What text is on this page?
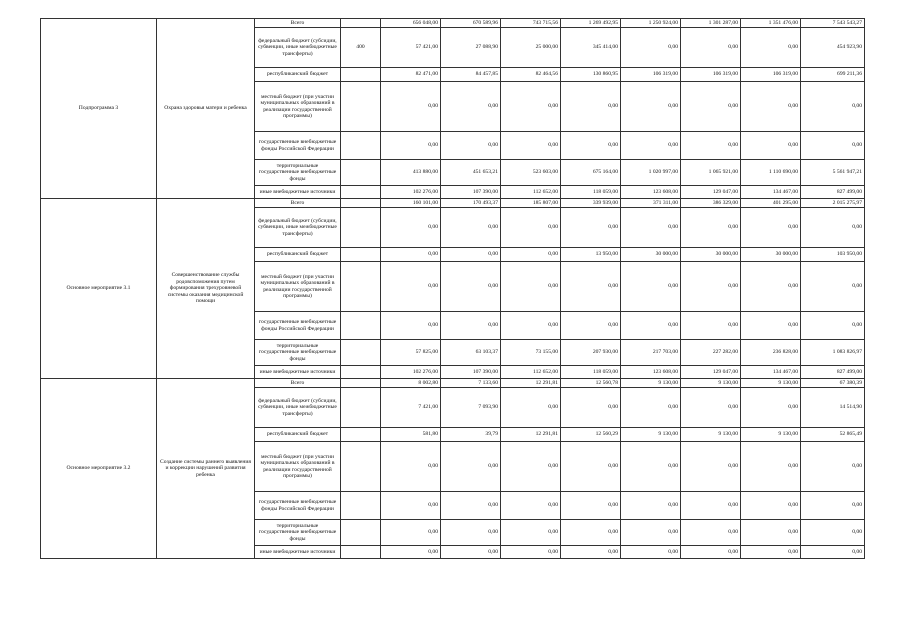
Подпрограмма 3	Охрана здоровья матери и ребенка	Всего		656 048,00	670 589,96	743 715,56	1 269 492,95	1 250 924,00	1 301 287,00	1 351 476,00	7 543 543,27
		федеральный бюджет (субсидии, субвенции, иные межбюджетные трансферты)	400	57 421,00	27 088,90	25 000,00	345 414,00	0,00	0,00	0,00	454 923,90
		республиканский бюджет		82 471,00	84 457,85	82 464,56	130 860,95	106 319,00	106 319,00	106 319,00	699 211,36
		местный бюджет (при участии муниципальных образований в реализации государственной программы)		0,00	0,00	0,00	0,00	0,00	0,00	0,00	0,00
		государственные внебюджетные фонды Российской Федерации		0,00	0,00	0,00	0,00	0,00	0,00	0,00	0,00
		территориальные государственные внебюджетные фонды		413 880,00	451 653,21	523 603,00	675 164,00	1 020 997,00	1 065 921,00	1 110 690,00	5 561 947,21
		иные внебюджетные источники		102 276,00	107 390,00	112 652,00	118 059,00	123 608,00	129 047,00	134 467,00	827 499,00
Основное мероприятие 3.1	Совершенствование службы родовспоможения путем формирования трехуровневой системы оказания медицинской помощи	Всего		160 101,00	170 493,37	185 807,00	339 939,00	371 311,00	386 329,00	401 295,00	2 015 275,97
		федеральный бюджет (субсидии, субвенции, иные межбюджетные трансферты)		0,00	0,00	0,00	0,00	0,00	0,00	0,00	0,00
		республиканский бюджет		0,00	0,00	0,00	13 950,00	30 000,00	30 000,00	30 000,00	103 950,00
		местный бюджет (при участии муниципальных образований в реализации государственной программы)		0,00	0,00	0,00	0,00	0,00	0,00	0,00	0,00
		государственные внебюджетные фонды Российской Федерации		0,00	0,00	0,00	0,00	0,00	0,00	0,00	0,00
		территориальные государственные внебюджетные фонды		57 825,00	63 103,37	73 155,00	207 930,00	217 703,00	227 282,00	236 828,00	1 083 826,97
		иные внебюджетные источники		102 276,00	107 390,00	112 652,00	118 059,00	123 608,00	129 047,00	134 467,00	827 499,00
Основное мероприятие 3.2	Создание системы раннего выявления и коррекции нарушений развития ребенка	Всего		8 002,80	7 133,60	12 291,81	12 560,78	9 130,00	9 130,00	9 130,00	67 380,39
		федеральный бюджет (субсидии, субвенции, иные межбюджетные трансферты)		7 421,00	7 093,90	0,00	0,00	0,00	0,00	0,00	14 514,90
		республиканский бюджет		581,80	39,79	12 291,81	12 560,29	9 130,00	9 130,00	9 130,00	52 865,49
		местный бюджет (при участии муниципальных образований в реализации государственной программы)		0,00	0,00	0,00	0,00	0,00	0,00	0,00	0,00
		государственные внебюджетные фонды Российской Федерации		0,00	0,00	0,00	0,00	0,00	0,00	0,00	0,00
		территориальные государственные внебюджетные фонды		0,00	0,00	0,00	0,00	0,00	0,00	0,00	0,00
		иные внебюджетные источники		0,00	0,00	0,00	0,00	0,00	0,00	0,00	0,00
